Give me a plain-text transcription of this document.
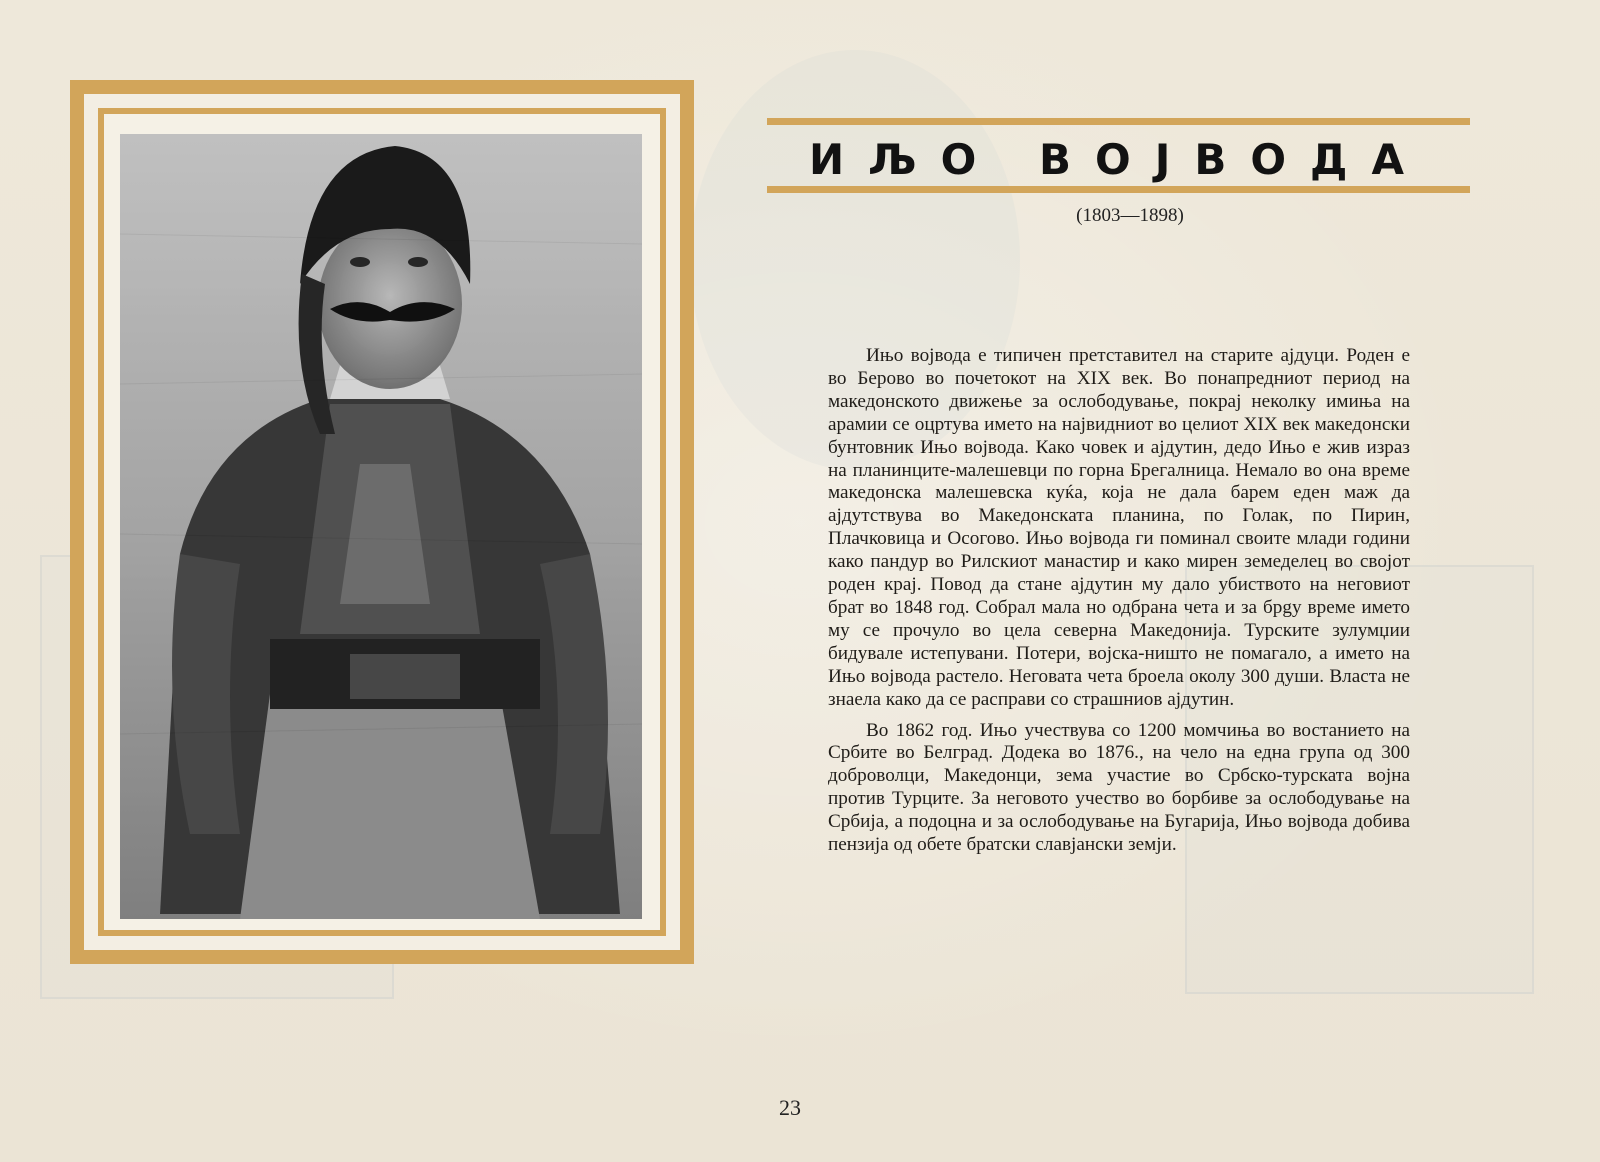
ИЉО ВОЈВОДА
(1803—1898)

Ињо војвода е типичен претставител на старите ајдуци. Роден е во Берово во почетокот на XIX век. Во понапредниот период на македонското движење за ослободување, покрај неколку имиња на арамии се оцртува името на највидниот во целиот XIX век македонски бунтовник Ињо војвода. Како човек и ајдутин, дедо Ињо е жив израз на планинците-малешевци по горна Брегалница. Немало во она време македонска малешевска куќа, која не дала барем еден маж да ајдутствува во Македонската планина, по Голак, по Пирин, Плачковица и Осогово. Ињо војвода ги поминал своите млади години како пандур во Рилскиот манастир и како мирен земеделец во својот роден крај. Повод да стане ајдутин му дало убиството на неговиот брат во 1848 год. Собрал мала но одбрана чета и за брgу време името му се прочуло во цела северна Македонија. Турските зулумџии бидувале истепувани. Потери, војска-ништо не помагало, а името на Ињо војвода растело. Неговата чета броела околу 300 души. Власта не знаела како да се расправи со страшниов ајдутин.

Во 1862 год. Ињо учествува со 1200 момчиња во востанието на Србите во Белград. Додека во 1876., на чело на една група од 300 доброволци, Македонци, зема участие во Србско-турската војна против Турците. За неговото учество во борбиве за ослободување на Србија, а подоцна и за ослободување на Бугарија, Ињо војвода добива пензија од обете братски славјански земји.

23
